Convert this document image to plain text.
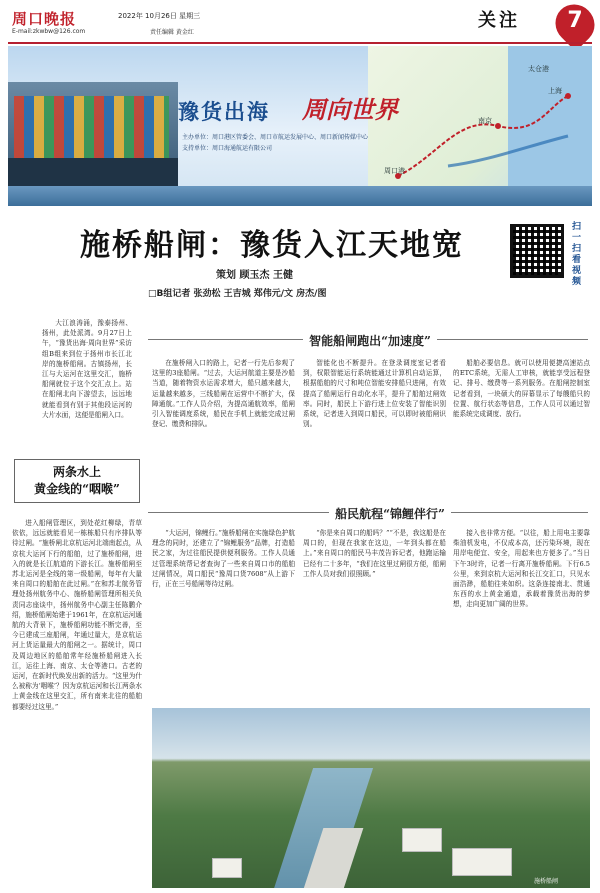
周口晚报
E-mail:zkwbw@126.com
2022年 10月26日 星期三
责任编辑 黄金红
关注	7
周口港
上海
太仓港
南京
豫货出海 周向世界
主办单位：周口港区管委会、周口市航运发展中心、周口新闻传媒中心
支持单位：周口海通航运有限公司
施桥船闸：豫货入江天地宽
策划 顾玉杰 王健
□B组记者 张劲松 王吉城 郑伟元/文 房杰/图
扫一扫看视频

大江浪涛涌，豫泰扬州、扬州，此处派湾。9月27日上午，“豫货出海·周向世界”采访组B组来到位于扬州市长江北岸的施桥船闸。古镇扬州，长江与大运河在这里交汇，施桥船闸就位于这个交汇点上。站在船闸北向下游望去，远远地就能看到有别于其他段运河的大片水面，这便是船闸入口。

两条水上
黄金线的“咽喉”

进入船闸管理区，到处花红柳绿，青草依依，远远就能看见一栋栋船只有序排队等待过闸。“施桥闸北京杭运河北端南起点，从京杭大运河下行的船舶，过了施桥船闸，进入的就是长江航道的下游长江。施桥船闸至苏北运河是全线的第一级船闸，每年有大量来自周口的船舶在此过闸。”在和苏北航务管理处扬州航务中心、施桥船闸管理所相关负责同志座谈中，扬州航务中心副主任陈鹏介绍，施桥船闸始建于1961年，在京杭运河通航的大背景下，施桥船闸功能不断完善，至今已建成三座船闸，年通过量大，是京杭运河上货运量最大的船闸之一。据统计，周口及周边地区的船舶常年经施桥船闸进入长江，运往上海、南京、太仓等港口。古老的运河，在新时代焕发出新的活力。“这里为什么被称为‘咽喉’？因为京杭运河和长江两条水上黄金线在这里交汇，所有南来北往的船舶都要经过这里。”

智能船闸跑出“加速度”

在施桥闸入口的路上，记者一行先后参观了这里的3座船闸。“过去，大运河航道主要是沙船当道，随着物资水运需求增大，船只越来越大，运量越来越多，三线船闸在运营中不断扩大，保障通航。”工作人员介绍，为提高通航效率，船闸引入智能调度系统，船民在手机上就能完成过闸登记、缴费和排队。

智能化也不断提升。在登录调度室记者看到，权限智能运行系统能通过计算机自动运算，根据船舶的尺寸和吨位智能安排船只进闸，有效提高了船闸运行自动化水平，提升了船舶过闸效率。同时，船民上下游行进上位安装了智能识别系统，记者进入到周口船民，可以即时被船闸识别。

船舶必要信息。就可以使用便捷高速站点的ETC系统，无需人工审核，就能享受远程登记、排号、缴费等一系列服务。在船闸控制室记者看到，一块硕大的屏幕显示了每艘船只的位置、航行状态等信息，工作人员可以通过智能系统完成调度、放行。

船民航程“锦鲤伴行”

“大运河，锦鲤行。”施桥船闸在实施绿色护航理念的同时，还建立了“锦鲤服务”品牌，打造船民之家，为过往船民提供便利服务。工作人员通过管理系统帮记者查询了一些来自周口市的船舶过闸情况，周口船民“豫周口货7608”从上游下行，正在三号船闸等待过闸。

“你是来自周口的船吗？”“不是，我这船是在周口的，但现在我家在这边，一年到头都在船上。”来自周口的船民马丰茂告诉记者，他跑运输已经有二十多年，“我们在这里过闸很方便，船闸工作人员对我们很照顾。”

接入也非常方便。“以往，船上用电主要靠柴油机发电，不仅成本高，还污染环境，现在用岸电便宜、安全，用起来也方便多了。”当日下午3时许，记者一行离开施桥船闸。下行6.5公里，来到京杭大运河和长江交汇口，只见水面浩渺，船舶往来如织。这条连接南北、贯通东西的水上黄金通道，承载着豫货出海的梦想，走向更加广阔的世界。

施桥船闸
